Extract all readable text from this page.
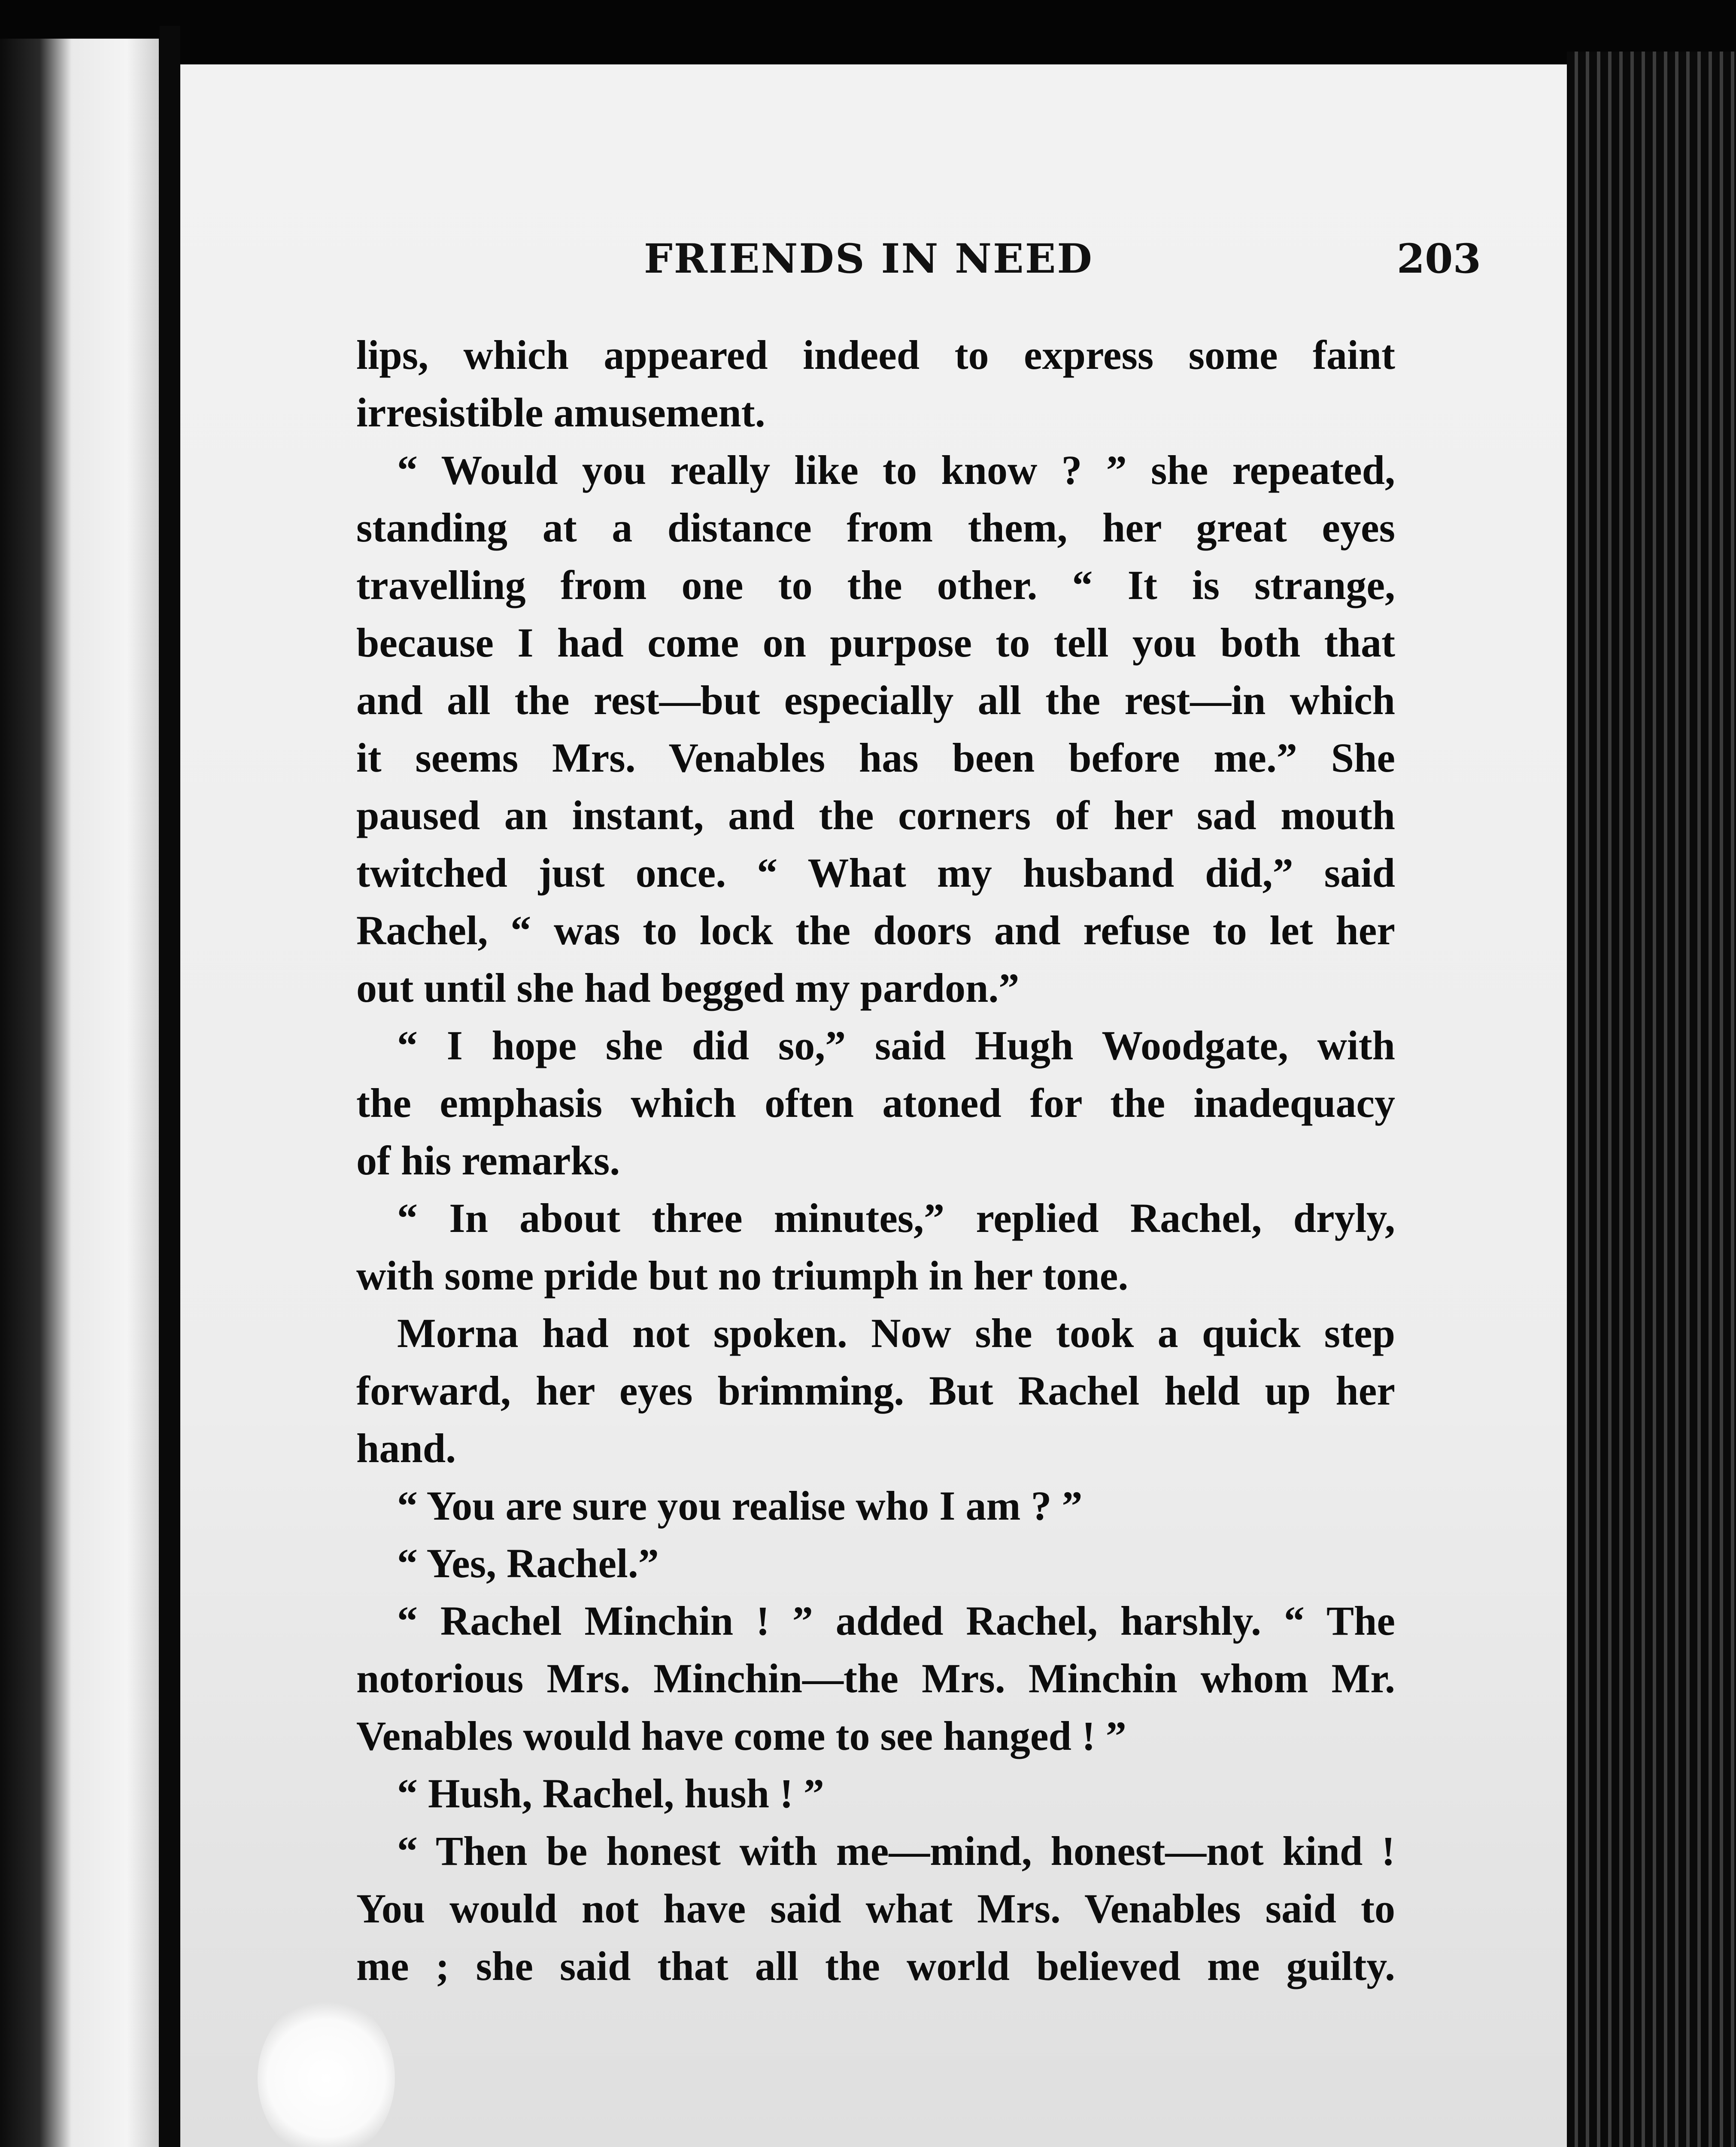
FRIENDS IN NEED	203
lips, which appeared indeed to express some faint
irresistible amusement.
“ Would you really like to know ? ” she repeated,
standing at a distance from them, her great eyes
travelling from one to the other. “ It is strange,
because I had come on purpose to tell you both that
and all the rest—but especially all the rest—in which
it seems Mrs. Venables has been before me.” She
paused an instant, and the corners of her sad mouth
twitched just once. “ What my husband did,” said
Rachel, “ was to lock the doors and refuse to let her
out until she had begged my pardon.”
“ I hope she did so,” said Hugh Woodgate, with
the emphasis which often atoned for the inadequacy
of his remarks.
“ In about three minutes,” replied Rachel, dryly,
with some pride but no triumph in her tone.
Morna had not spoken. Now she took a quick step
forward, her eyes brimming. But Rachel held up her
hand.
“ You are sure you realise who I am ? ”
“ Yes, Rachel.”
“ Rachel Minchin ! ” added Rachel, harshly. “ The
notorious Mrs. Minchin—the Mrs. Minchin whom Mr.
Venables would have come to see hanged ! ”
“ Hush, Rachel, hush ! ”
“ Then be honest with me—mind, honest—not kind !
You would not have said what Mrs. Venables said to
me ; she said that all the world believed me guilty.
